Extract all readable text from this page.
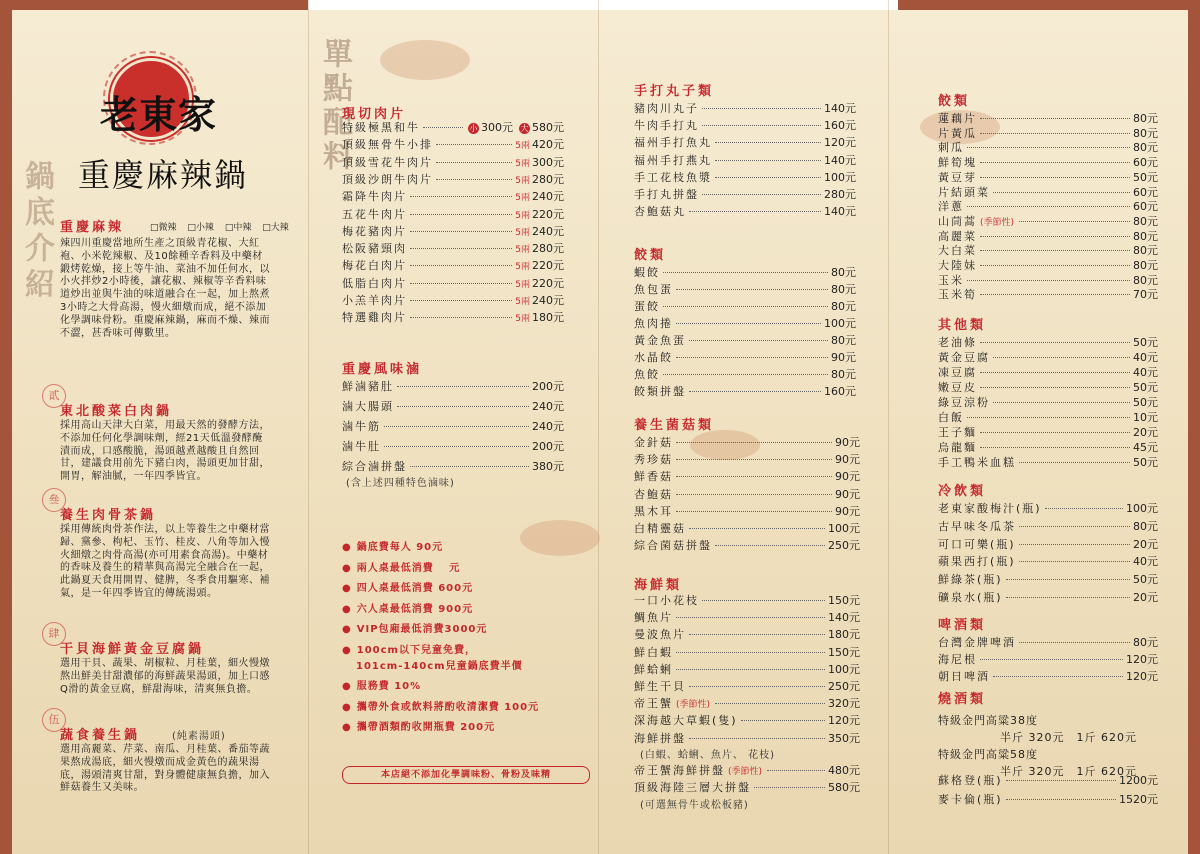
老東家
重慶麻辣鍋
鍋底介紹
單點配料
重慶麻辣	□微辣 □小辣 □中辣 □大辣
辣四川重慶當地所生產之頂級青花椒、大紅袍、小米乾辣椒、及10餘種辛香料及中藥材鍛烤乾燥，接上等牛油、菜油不加任何水，以小火拌炒2小時後，讓花椒、辣椒等辛香料味道炒出並與牛油的味道融合在一起，加上熬煮3小時之大骨高湯，慢火細燉而成，絕不添加化學調味骨粉。重慶麻辣鍋，麻而不燥、辣而不澀，甚香味可傳數里。
貳
東北酸菜白肉鍋
採用高山天津大白菜，用最天然的發酵方法，不添加任何化學調味劑，經21天低溫發酵醃漬而成，口感酸脆，湯頭越煮越酸且自然回甘，建議食用前先下豬白肉，湯頭更加甘甜，開胃，解油膩，一年四季皆宜。
叄
養生肉骨茶鍋
採用傳統肉骨茶作法，以上等養生之中藥材當歸、黨參、枸杞、玉竹、桂皮、八角等加入慢火細燉之肉骨高湯(亦可用素食高湯)。中藥材的香味及養生的精華與高湯完全融合在一起，此鍋夏天食用開胃、健脾，冬季食用驅寒、補氣，是一年四季皆宜的傳統湯頭。
肆
干貝海鮮黃金豆腐鍋
選用干貝、蔬果、胡椒粒、月桂葉，細火慢燉熬出鮮美甘甜濃郁的海鮮蔬果湯頭，加上口感Q滑的黃金豆腐，鮮甜海味，清爽無負擔。
伍
蔬食養生鍋	(純素湯頭)
選用高麗菜、芹菜、南瓜、月桂葉、番茄等蔬果熬成湯底，細火慢燉而成金黃色的蔬果湯底，湯頭清爽甘甜，對身體健康無負擔，加入鮮菇養生又美味。
現切肉片
特級極黑和牛	小 300元 大 580元
頂級無骨牛小排	5兩 420元
頂級雪花牛肉片	5兩 300元
頂級沙朗牛肉片	5兩 280元
霜降牛肉片	5兩 240元
五花牛肉片	5兩 220元
梅花豬肉片	5兩 240元
松阪豬頸肉	5兩 280元
梅花白肉片	5兩 220元
低脂白肉片	5兩 220元
小羔羊肉片	5兩 240元
特選雞肉片	5兩 180元
重慶風味滷
鮮滷豬肚	200元
滷大腸頭	240元
滷牛筋	240元
滷牛肚	200元
綜合滷拼盤	380元
(含上述四種特色滷味)
● 鍋底費每人 90元
● 兩人桌最低消費　 元
● 四人桌最低消費 600元
● 六人桌最低消費 900元
● VIP包廂最低消費3000元
● 100cm以下兒童免費，
101cm-140cm兒童鍋底費半價
● 服務費 10%
● 攜帶外食或飲料將酌收清潔費 100元
● 攜帶酒類酌收開瓶費 200元
本店絕不添加化學調味粉、骨粉及味精
手打丸子類
豬肉川丸子	140元
牛肉手打丸	160元
福州手打魚丸	120元
福州手打燕丸	140元
手工花枝魚漿	100元
手打丸拼盤	280元
杏鮑菇丸	140元
餃類
蝦餃	80元
魚包蛋	80元
蛋餃	80元
魚肉捲	100元
黃金魚蛋	80元
水晶餃	90元
魚餃	80元
餃類拼盤	160元
養生菌菇類
金針菇	90元
秀珍菇	90元
鮮香菇	90元
杏鮑菇	90元
黑木耳	90元
白精靈菇	100元
綜合菌菇拼盤	250元
海鮮類
一口小花枝	150元
鯛魚片	140元
曼波魚片	180元
鮮白蝦	150元
鮮蛤蜊	100元
鮮生干貝	250元
帝王蟹 (季節性)	320元
深海越大草蝦(隻)	120元
海鮮拼盤	350元
(白蝦、蛤蜊、魚片、 花枝)
帝王蟹海鮮拼盤 (季節性)	480元
頂級海陸三層大拼盤	580元
(可選無骨牛或松板豬)
餃類
蓮藕片	80元
片黃瓜	80元
刺瓜	80元
鮮筍塊	60元
黃豆芽	50元
片結頭菜	60元
洋蔥	60元
山茼蒿 (季節性)	80元
高麗菜	80元
大白菜	80元
大陸妹	80元
玉米	80元
玉米筍	70元
其他類
老油條	50元
黃金豆腐	40元
凍豆腐	40元
嫩豆皮	50元
綠豆涼粉	50元
白飯	10元
王子麵	20元
烏龍麵	45元
手工鴨米血糕	50元
冷飲類
老東家酸梅汁(瓶)	100元
古早味冬瓜茶	80元
可口可樂(瓶)	20元
蘋果西打(瓶)	40元
鮮綠茶(瓶)	50元
礦泉水(瓶)	20元
啤酒類
台灣金牌啤酒	80元
海尼根	120元
朝日啤酒	120元
燒酒類
特級金門高粱38度
半斤 320元　1斤 620元
特級金門高粱58度
半斤 320元　1斤 620元
蘇格登(瓶)	1200元
麥卡倫(瓶)	1520元
